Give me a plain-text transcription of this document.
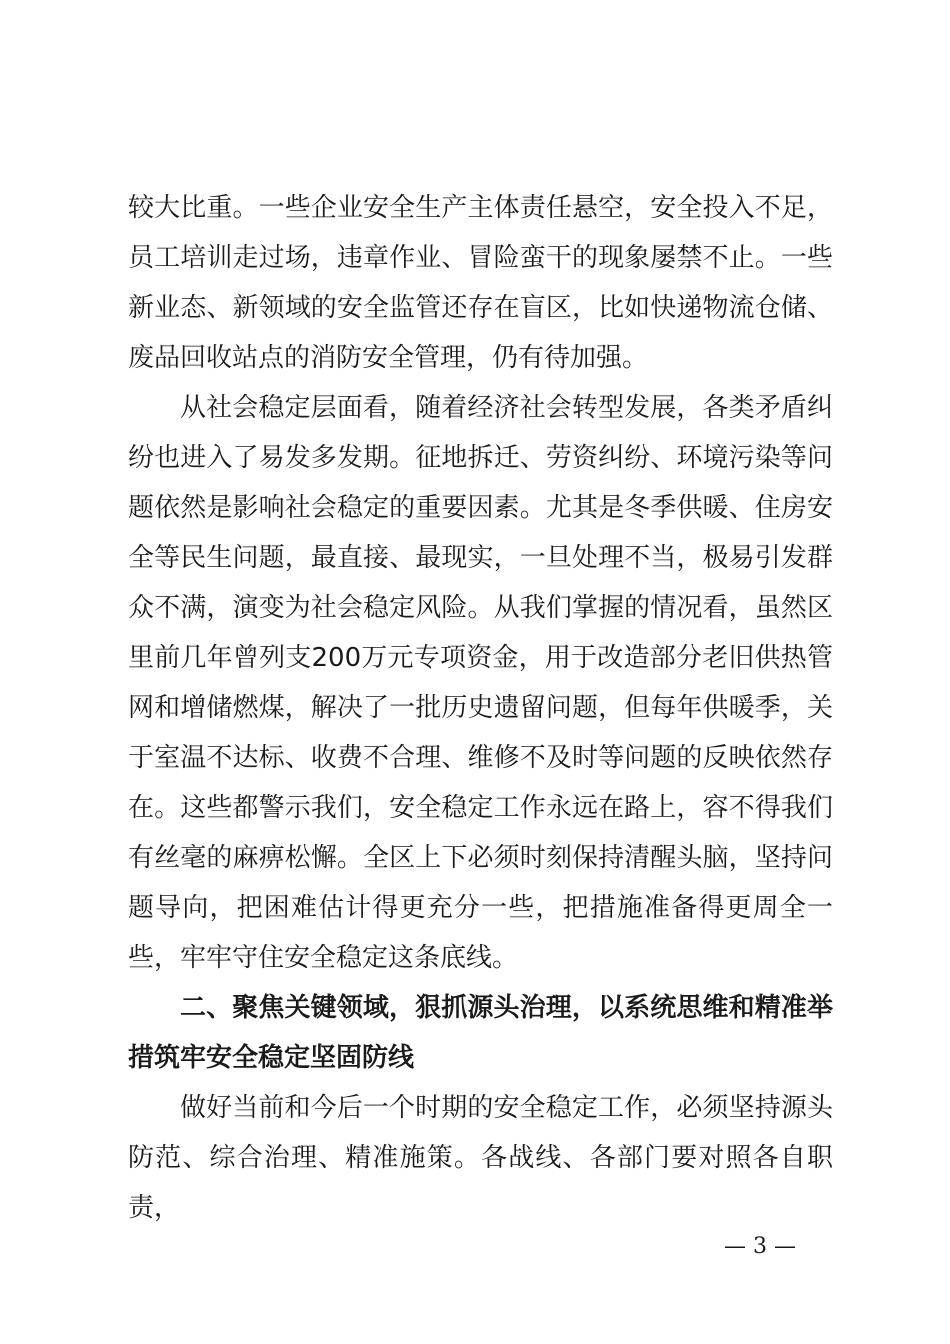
较大比重。一些企业安全生产主体责任悬空，安全投入不足，员工培训走过场，违章作业、冒险蛮干的现象屡禁不止。一些新业态、新领域的安全监管还存在盲区，比如快递物流仓储、废品回收站点的消防安全管理，仍有待加强。

从社会稳定层面看，随着经济社会转型发展，各类矛盾纠纷也进入了易发多发期。征地拆迁、劳资纠纷、环境污染等问题依然是影响社会稳定的重要因素。尤其是冬季供暖、住房安全等民生问题，最直接、最现实，一旦处理不当，极易引发群众不满，演变为社会稳定风险。从我们掌握的情况看，虽然区里前几年曾列支200万元专项资金，用于改造部分老旧供热管网和增储燃煤，解决了一批历史遗留问题，但每年供暖季，关于室温不达标、收费不合理、维修不及时等问题的反映依然存在。这些都警示我们，安全稳定工作永远在路上，容不得我们有丝毫的麻痹松懈。全区上下必须时刻保持清醒头脑，坚持问题导向，把困难估计得更充分一些，把措施准备得更周全一些，牢牢守住安全稳定这条底线。

二、聚焦关键领域，狠抓源头治理，以系统思维和精准举措筑牢安全稳定坚固防线

做好当前和今后一个时期的安全稳定工作，必须坚持源头防范、综合治理、精准施策。各战线、各部门要对照各自职责，

— 3 —
